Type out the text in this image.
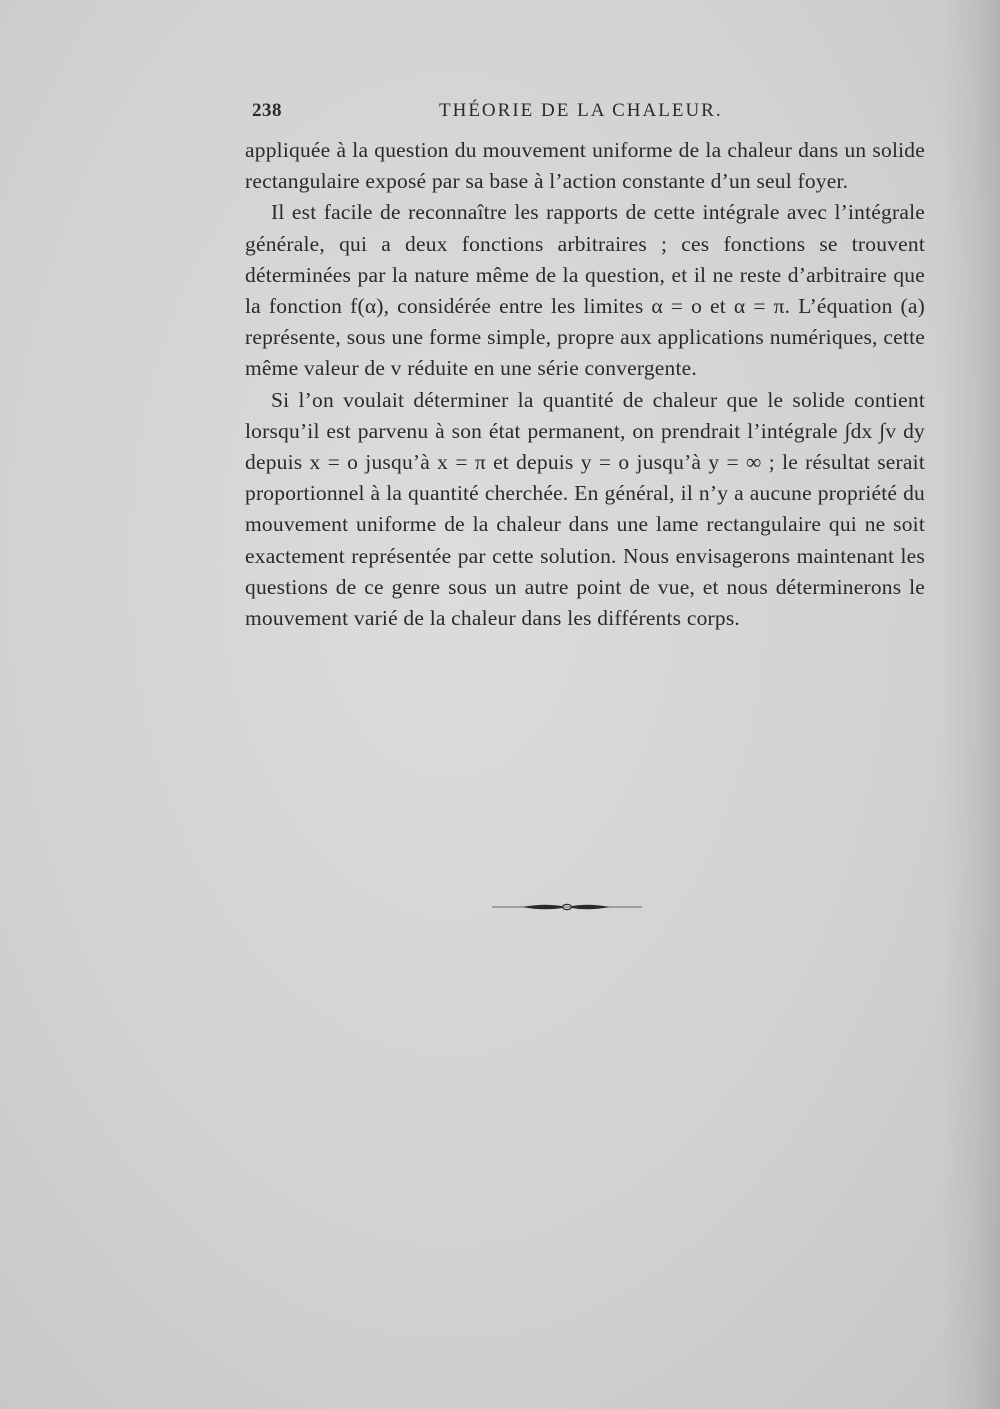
238	THÉORIE DE LA CHALEUR.

appliquée à la question du mouvement uniforme de la chaleur dans un solide rectangulaire exposé par sa base à l’action constante d’un seul foyer.

Il est facile de reconnaître les rapports de cette intégrale avec l’intégrale générale, qui a deux fonctions arbitraires ; ces fonctions se trouvent déterminées par la nature même de la question, et il ne reste d’arbitraire que la fonction f(α), considérée entre les limites α = o et α = π. L’équation (a) représente, sous une forme simple, propre aux applications numériques, cette même valeur de v réduite en une série convergente.

Si l’on voulait déterminer la quantité de chaleur que le solide contient lorsqu’il est parvenu à son état permanent, on prendrait l’intégrale ∫dx ∫v dy depuis x = o jusqu’à x = π et depuis y = o jusqu’à y = ∞ ; le résultat serait proportionnel à la quantité cherchée. En général, il n’y a aucune propriété du mouvement uniforme de la chaleur dans une lame rectangulaire qui ne soit exactement représentée par cette solution. Nous envisagerons maintenant les questions de ce genre sous un autre point de vue, et nous déterminerons le mouvement varié de la chaleur dans les différents corps.
